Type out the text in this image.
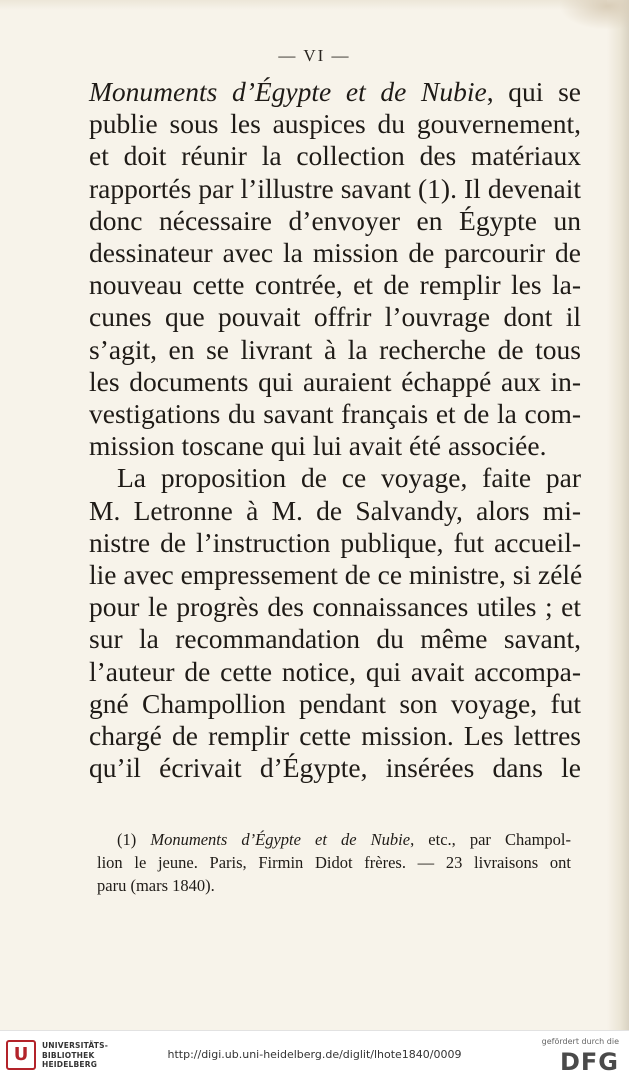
— VI —
Monuments d’Égypte et de Nubie, qui se
publie sous les auspices du gouvernement,
et doit réunir la collection des matériaux
rapportés par l’illustre savant (1). Il devenait
donc nécessaire d’envoyer en Égypte un
dessinateur avec la mission de parcourir de
nouveau cette contrée, et de remplir les la-
cunes que pouvait offrir l’ouvrage dont il
s’agit, en se livrant à la recherche de tous
les documents qui auraient échappé aux in-
vestigations du savant français et de la com-
mission toscane qui lui avait été associée.
La proposition de ce voyage, faite par
M. Letronne à M. de Salvandy, alors mi-
nistre de l’instruction publique, fut accueil-
lie avec empressement de ce ministre, si zélé
pour le progrès des connaissances utiles ; et
sur la recommandation du même savant,
l’auteur de cette notice, qui avait accompa-
gné Champollion pendant son voyage, fut
chargé de remplir cette mission. Les lettres
qu’il écrivait d’Égypte, insérées dans le
(1) Monuments d’Égypte et de Nubie, etc., par Champol-
lion le jeune. Paris, Firmin Didot frères. — 23 livraisons ont
paru (mars 1840).
U	UNIVERSITÄTS-
BIBLIOTHEK
HEIDELBERG
http://digi.ub.uni-heidelberg.de/diglit/lhote1840/0009
gefördert durch die
DFG
